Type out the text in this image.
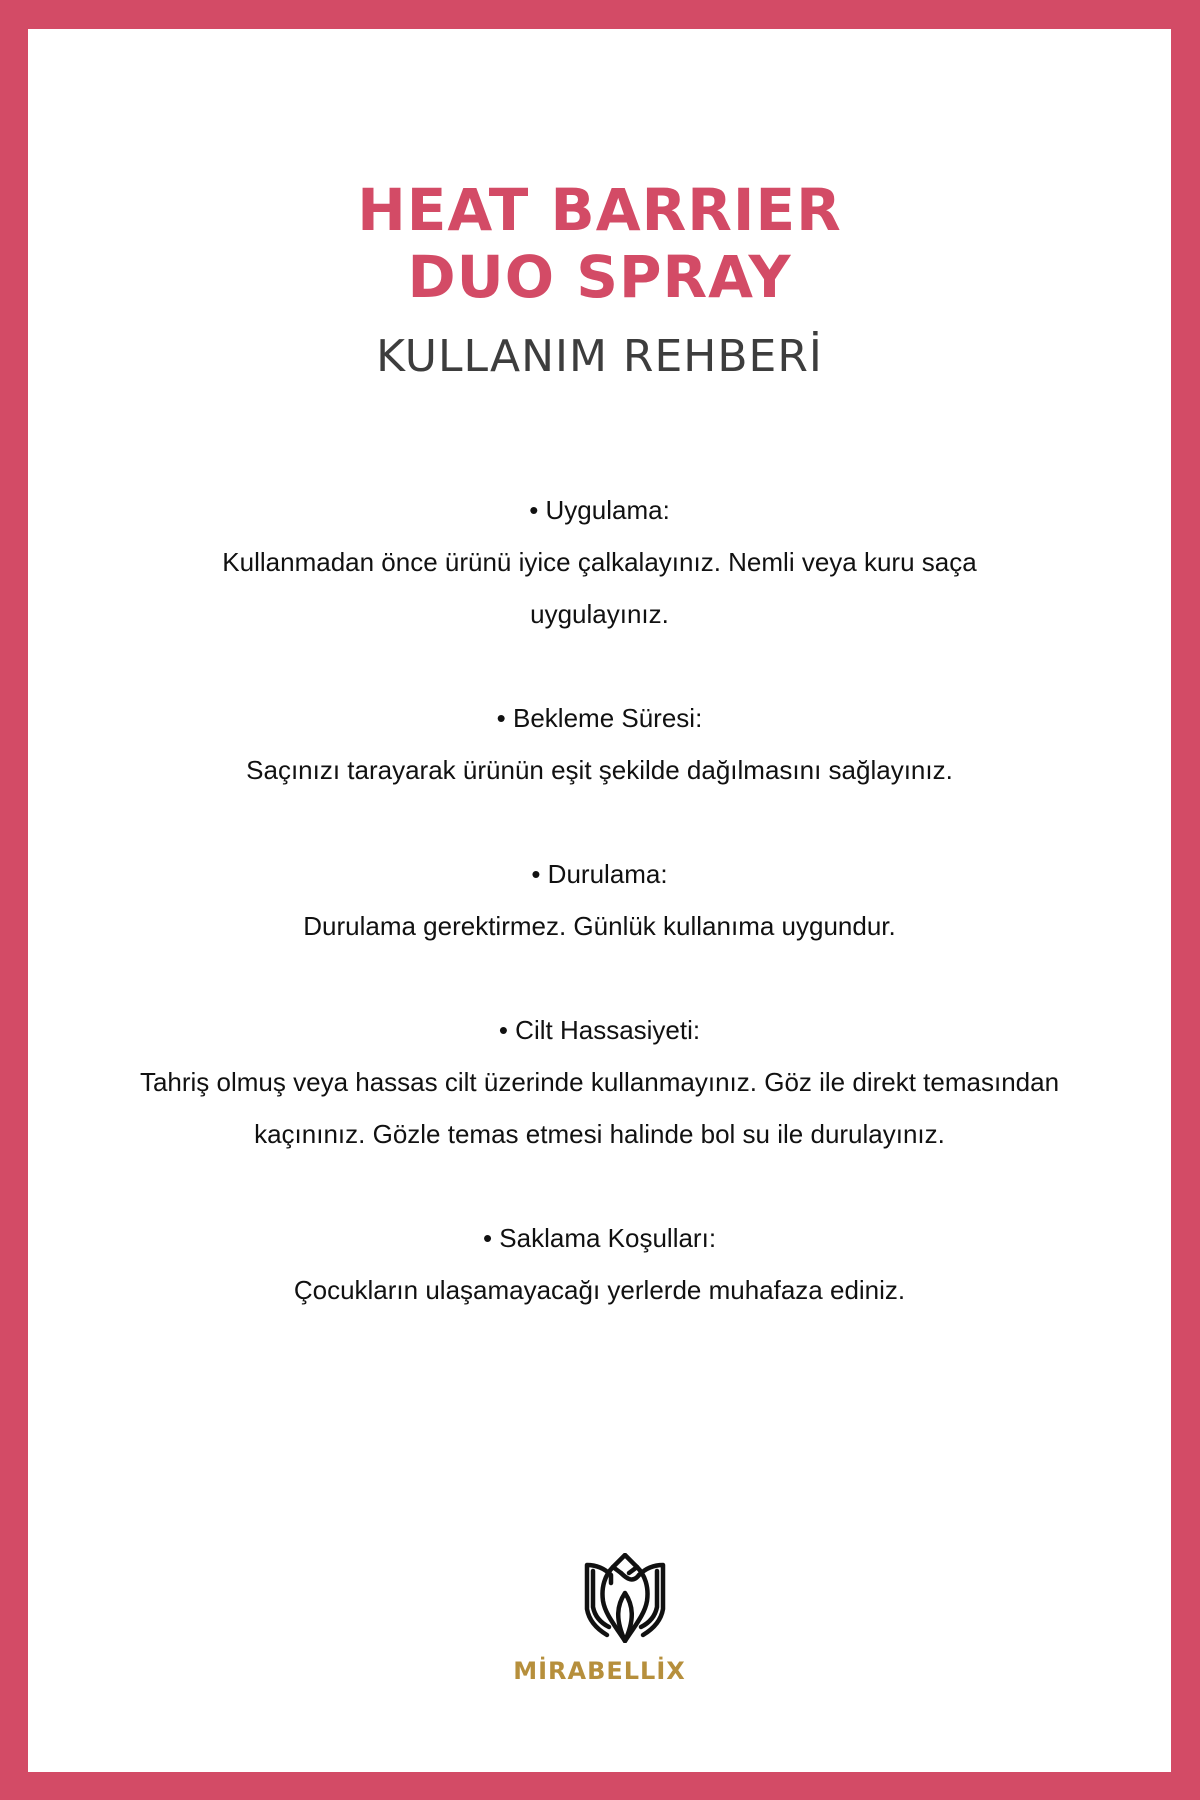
HEAT BARRIER
DUO SPRAY
KULLANIM REHBERİ
• Uygulama:
Kullanmadan önce ürünü iyice çalkalayınız. Nemli veya kuru saça uygulayınız.
• Bekleme Süresi:
Saçınızı tarayarak ürünün eşit şekilde dağılmasını sağlayınız.
• Durulama:
Durulama gerektirmez. Günlük kullanıma uygundur.
• Cilt Hassasiyeti:
Tahriş olmuş veya hassas cilt üzerinde kullanmayınız. Göz ile direkt temasından kaçınınız. Gözle temas etmesi halinde bol su ile durulayınız.
• Saklama Koşulları:
Çocukların ulaşamayacağı yerlerde muhafaza ediniz.
MİRABELLİX
